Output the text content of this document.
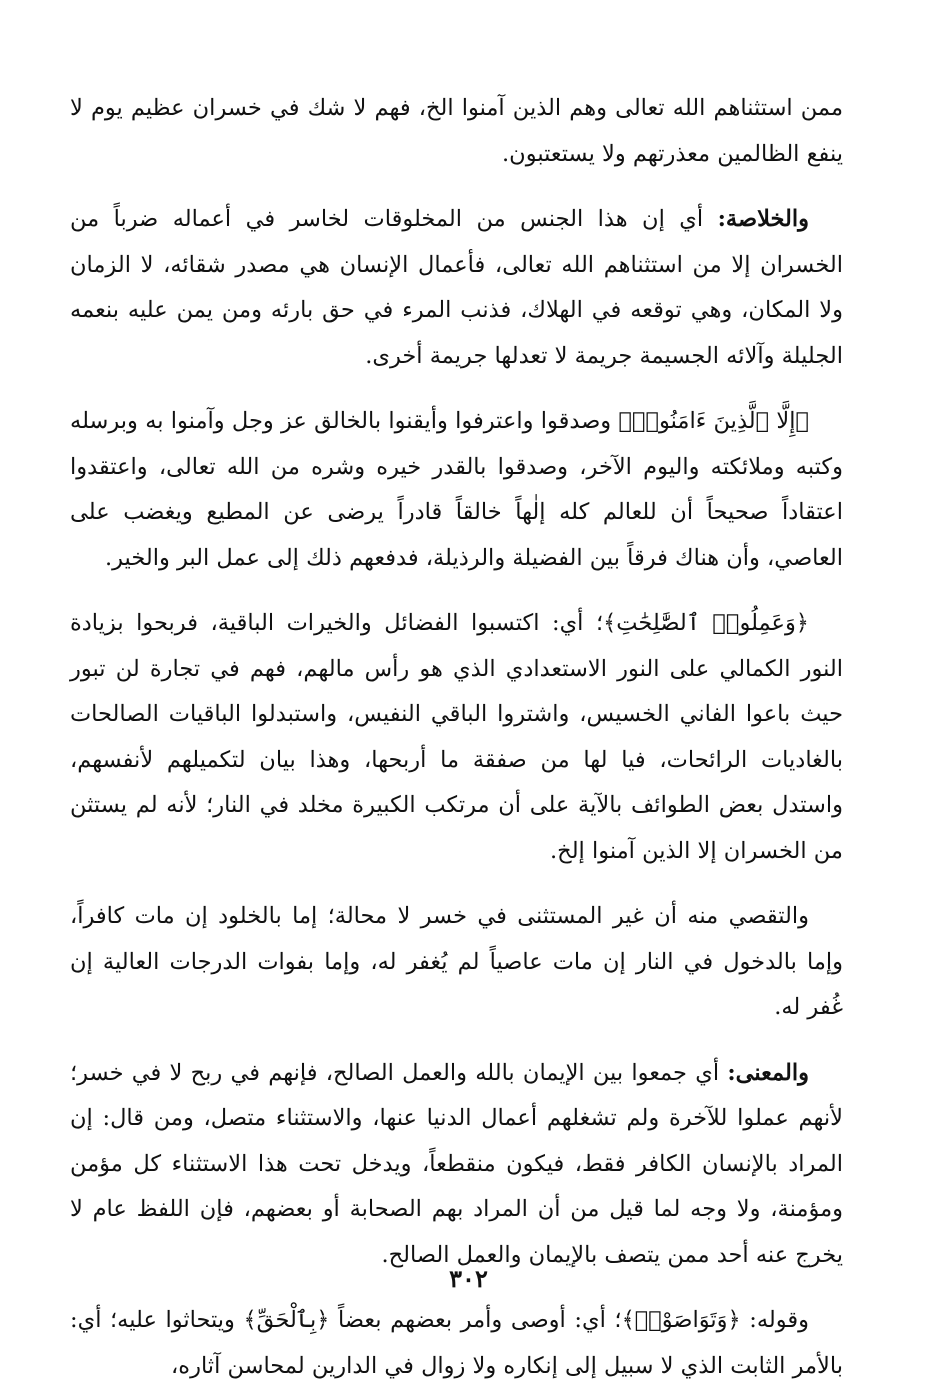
ممن استثناهم الله تعالى وهم الذين آمنوا الخ، فهم لا شك في خسران عظيم يوم لا ينفع الظالمين معذرتهم ولا يستعتبون.

والخلاصة: أي إن هذا الجنس من المخلوقات لخاسر في أعماله ضرباً من الخسران إلا من استثناهم الله تعالى، فأعمال الإنسان هي مصدر شقائه، لا الزمان ولا المكان، وهي توقعه في الهلاك، فذنب المرء في حق بارئه ومن يمن عليه بنعمه الجليلة وآلائه الجسيمة جريمة لا تعدلها جريمة أخرى.

﴿إِلَّا ٱلَّذِينَ ءَامَنُوا۟﴾ وصدقوا واعترفوا وأيقنوا بالخالق عز وجل وآمنوا به وبرسله وكتبه وملائكته واليوم الآخر، وصدقوا بالقدر خيره وشره من الله تعالى، واعتقدوا اعتقاداً صحيحاً أن للعالم كله إلٰهاً خالقاً قادراً يرضى عن المطيع ويغضب على العاصي، وأن هناك فرقاً بين الفضيلة والرذيلة، فدفعهم ذلك إلى عمل البر والخير.

﴿وَعَمِلُوا۟ ٱلصَّٰلِحَٰتِ﴾؛ أي: اكتسبوا الفضائل والخيرات الباقية، فربحوا بزيادة النور الكمالي على النور الاستعدادي الذي هو رأس مالهم، فهم في تجارة لن تبور حيث باعوا الفاني الخسيس، واشتروا الباقي النفيس، واستبدلوا الباقيات الصالحات بالغاديات الرائحات، فيا لها من صفقة ما أربحها، وهذا بيان لتكميلهم لأنفسهم، واستدل بعض الطوائف بالآية على أن مرتكب الكبيرة مخلد في النار؛ لأنه لم يستثن من الخسران إلا الذين آمنوا إلخ.

والتقصي منه أن غير المستثنى في خسر لا محالة؛ إما بالخلود إن مات كافراً، وإما بالدخول في النار إن مات عاصياً لم يُغفر له، وإما بفوات الدرجات العالية إن غُفر له.

والمعنى: أي جمعوا بين الإيمان بالله والعمل الصالح، فإنهم في ربح لا في خسر؛ لأنهم عملوا للآخرة ولم تشغلهم أعمال الدنيا عنها، والاستثناء متصل، ومن قال: إن المراد بالإنسان الكافر فقط، فيكون منقطعاً، ويدخل تحت هذا الاستثناء كل مؤمن ومؤمنة، ولا وجه لما قيل من أن المراد بهم الصحابة أو بعضهم، فإن اللفظ عام لا يخرج عنه أحد ممن يتصف بالإيمان والعمل الصالح.

وقوله: ﴿وَتَوَاصَوْا۟﴾؛ أي: أوصى وأمر بعضهم بعضاً ﴿بِٱلْحَقِّ﴾ ويتحاثوا عليه؛ أي: بالأمر الثابت الذي لا سبيل إلى إنكاره ولا زوال في الدارين لمحاسن آثاره،

٣٠٢
